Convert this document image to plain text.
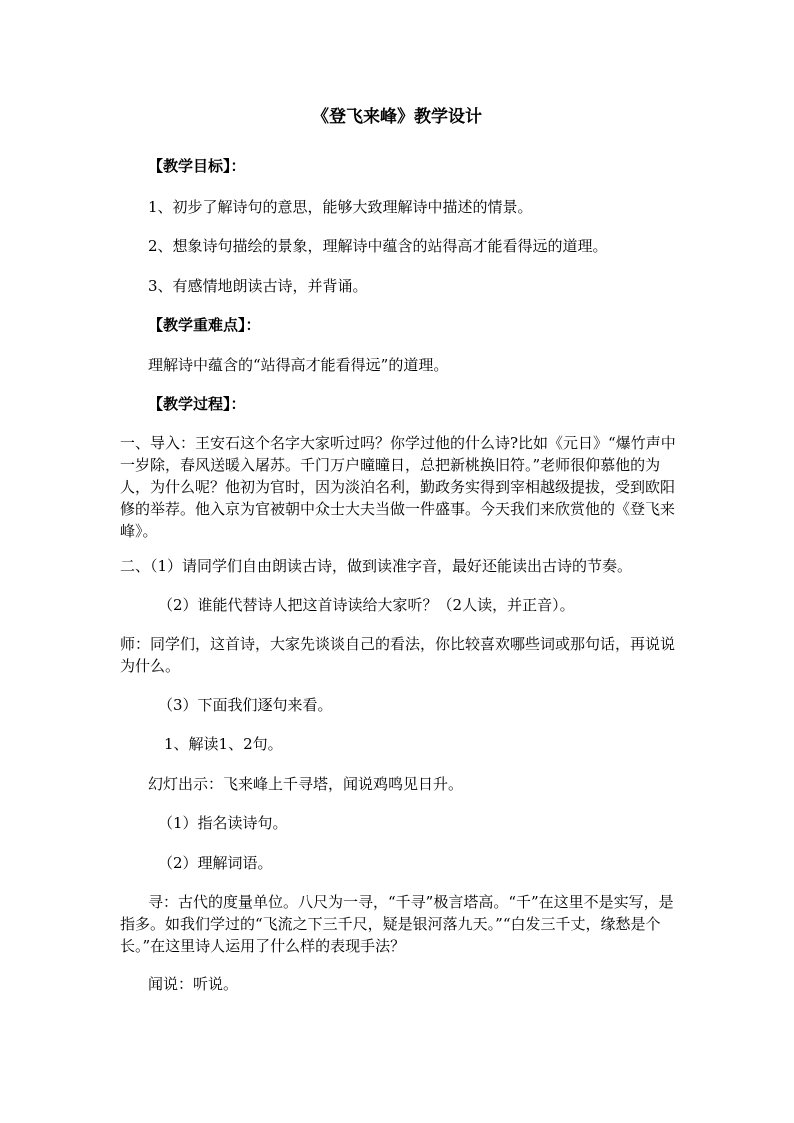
《登飞来峰》教学设计
【教学目标】：
1、初步了解诗句的意思，能够大致理解诗中描述的情景。
2、想象诗句描绘的景象，理解诗中蕴含的站得高才能看得远的道理。
3、有感情地朗读古诗，并背诵。
【教学重难点】：
理解诗中蕴含的“站得高才能看得远”的道理。
【教学过程】：
一、导入：王安石这个名字大家听过吗？你学过他的什么诗?比如《元日》“爆竹声中一岁除，春风送暖入屠苏。千门万户曈曈日，总把新桃换旧符。”老师很仰慕他的为人，为什么呢？他初为官时，因为淡泊名利，勤政务实得到宰相越级提拔，受到欧阳修的举荐。他入京为官被朝中众士大夫当做一件盛事。今天我们来欣赏他的《登飞来峰》。
二、（1）请同学们自由朗读古诗，做到读准字音，最好还能读出古诗的节奏。
（2）谁能代替诗人把这首诗读给大家听？（2人读，并正音）。
师：同学们，这首诗，大家先谈谈自己的看法，你比较喜欢哪些词或那句话，再说说为什么。
（3）下面我们逐句来看。
1、解读1、2句。
幻灯出示：飞来峰上千寻塔，闻说鸡鸣见日升。
（1）指名读诗句。
（2）理解词语。
寻：古代的度量单位。八尺为一寻，“千寻”极言塔高。“千”在这里不是实写，是指多。如我们学过的“飞流之下三千尺，疑是银河落九天。”“白发三千丈，缘愁是个长。”在这里诗人运用了什么样的表现手法？
闻说：听说。
